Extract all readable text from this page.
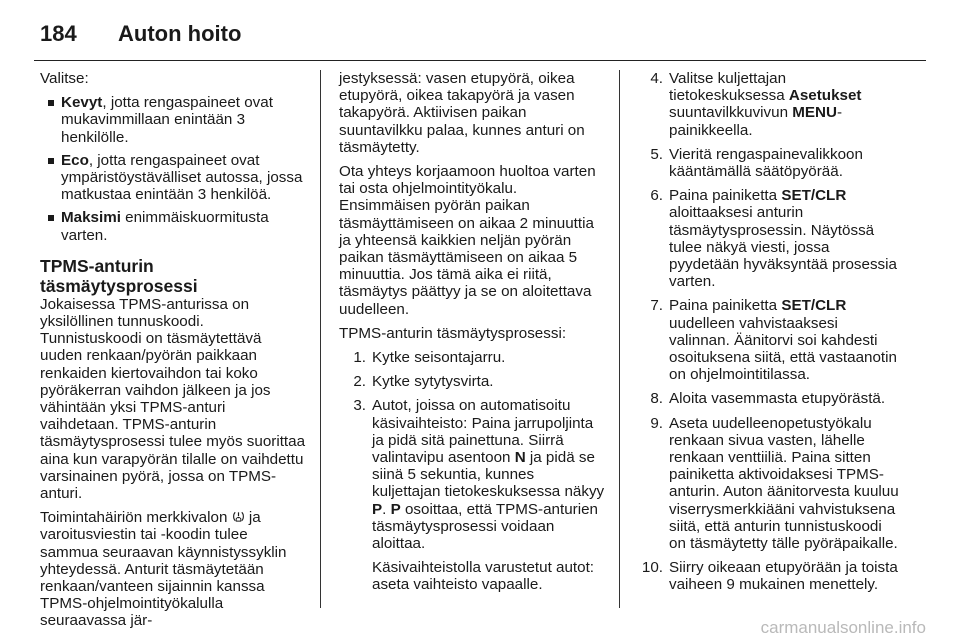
184	Auton hoito

Valitse:

Kevyt, jotta rengaspaineet ovat mukavimmillaan enintään 3 henkilölle.
Eco, jotta rengaspaineet ovat ympäristöystävälliset autossa, jossa matkustaa enintään 3 henkilöä.
Maksimi enimmäiskuormitusta varten.
TPMS-anturin
täsmäytysprosessi

Jokaisessa TPMS-anturissa on yksilöllinen tunnuskoodi. Tunnistuskoodi on täsmäytettävä uuden renkaan/pyörän paikkaan renkaiden kiertovaihdon tai koko pyöräkerran vaihdon jälkeen ja jos vähintään yksi TPMS-anturi vaihdetaan. TPMS-anturin täsmäytysprosessi tulee myös suorittaa aina kun varapyörän tilalle on vaihdettu varsinainen pyörä, jossa on TPMS-anturi.

Toimintahäiriön merkkivalon  ja varoitusviestin tai -koodin tulee sammua seuraavan käynnistyssyklin yhteydessä. Anturit täsmäytetään renkaan/vanteen sijainnin kanssa TPMS-ohjelmointityökalulla seuraavassa jär-

jestyksessä: vasen etupyörä, oikea etupyörä, oikea takapyörä ja vasen takapyörä. Aktiivisen paikan suuntavilkku palaa, kunnes anturi on täsmäytetty.

Ota yhteys korjaamoon huoltoa varten tai osta ohjelmointityökalu. Ensimmäisen pyörän paikan täsmäyttämiseen on aikaa 2 minuuttia ja yhteensä kaikkien neljän pyörän paikan täsmäyttämiseen on aikaa 5 minuuttia. Jos tämä aika ei riitä, täsmäytys päättyy ja se on aloitettava uudelleen.

TPMS-anturin täsmäytysprosessi:

1. Kytke seisontajarru.
2. Kytke sytytysvirta.
3. Autot, joissa on automatisoitu käsivaihteisto: Paina jarrupoljinta ja pidä sitä painettuna. Siirrä valintavipu asentoon N ja pidä se siinä 5 sekuntia, kunnes kuljettajan tietokeskuksessa näkyy P. P osoittaa, että TPMS-anturien täsmäytysprosessi voidaan aloittaa.

Käsivaihteistolla varustetut autot: aseta vaihteisto vapaalle.

4. Valitse kuljettajan tietokeskuksessa Asetukset suuntavilkkuvivun MENU-painikkeella.
5. Vieritä rengaspainevalikkoon kääntämällä säätöpyörää.
6. Paina painiketta SET/CLR aloittaaksesi anturin täsmäytysprosessin. Näytössä tulee näkyä viesti, jossa pyydetään hyväksyntää prosessia varten.
7. Paina painiketta SET/CLR uudelleen vahvistaaksesi valinnan. Äänitorvi soi kahdesti osoituksena siitä, että vastaanotin on ohjelmointitilassa.
8. Aloita vasemmasta etupyörästä.
9. Aseta uudelleenopetustyökalu renkaan sivua vasten, lähelle renkaan venttiiliä. Paina sitten painiketta aktivoidaksesi TPMS-anturin. Auton äänitorvesta kuuluu viserrysmerkkiääni vahvistuksena siitä, että anturin tunnistuskoodi on täsmäytetty tälle pyöräpaikalle.
10. Siirry oikeaan etupyörään ja toista vaiheen 9 mukainen menettely.
carmanualsonline.info
